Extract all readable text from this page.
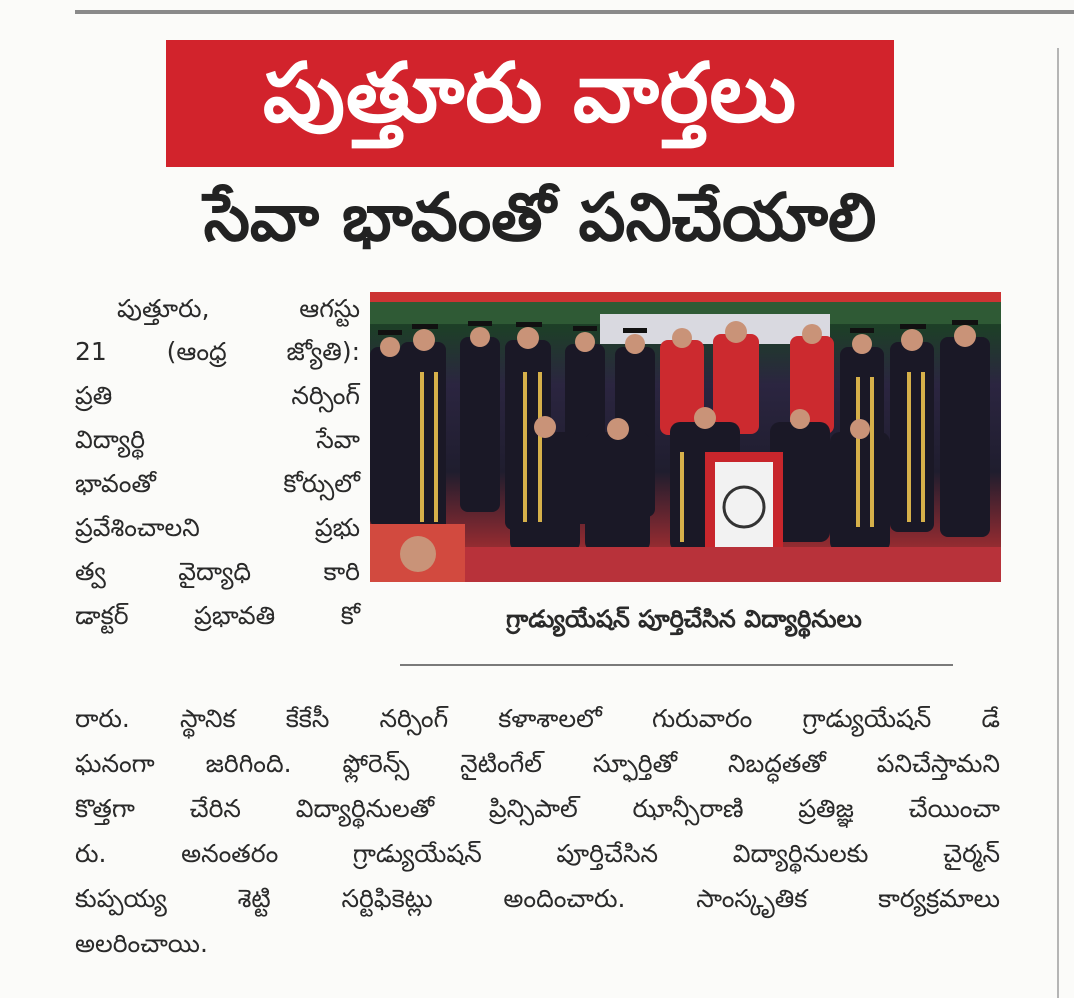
పుత్తూరు వార్తలు
సేవా భావంతో పనిచేయాలి
పుత్తూరు, ఆగస్టు
21 (ఆంధ్ర జ్యోతి):
ప్రతి నర్సింగ్
విద్యార్థి సేవా
భావంతో కోర్సులో
ప్రవేశించాలని ప్రభు
త్వ వైద్యాధి కారి
డాక్టర్ ప్రభావతి కో	గ్రాడ్యుయేషన్ పూర్తిచేసిన విద్యార్థినులు
రారు. స్థానిక కేకేసీ నర్సింగ్ కళాశాలలో గురువారం గ్రాడ్యుయేషన్ డే
ఘనంగా జరిగింది. ఫ్లోరెన్స్ నైటింగేల్ స్ఫూర్తితో నిబద్ధతతో పనిచేస్తామని
కొత్తగా చేరిన విద్యార్థినులతో ప్రిన్సిపాల్ ఝాన్సీరాణి ప్రతిజ్ఞ చేయించా
రు. అనంతరం గ్రాడ్యుయేషన్ పూర్తిచేసిన విద్యార్థినులకు చైర్మన్
కుప్పయ్య శెట్టి సర్టిఫికెట్లు అందించారు. సాంస్కృతిక కార్యక్రమాలు
అలరించాయి.
